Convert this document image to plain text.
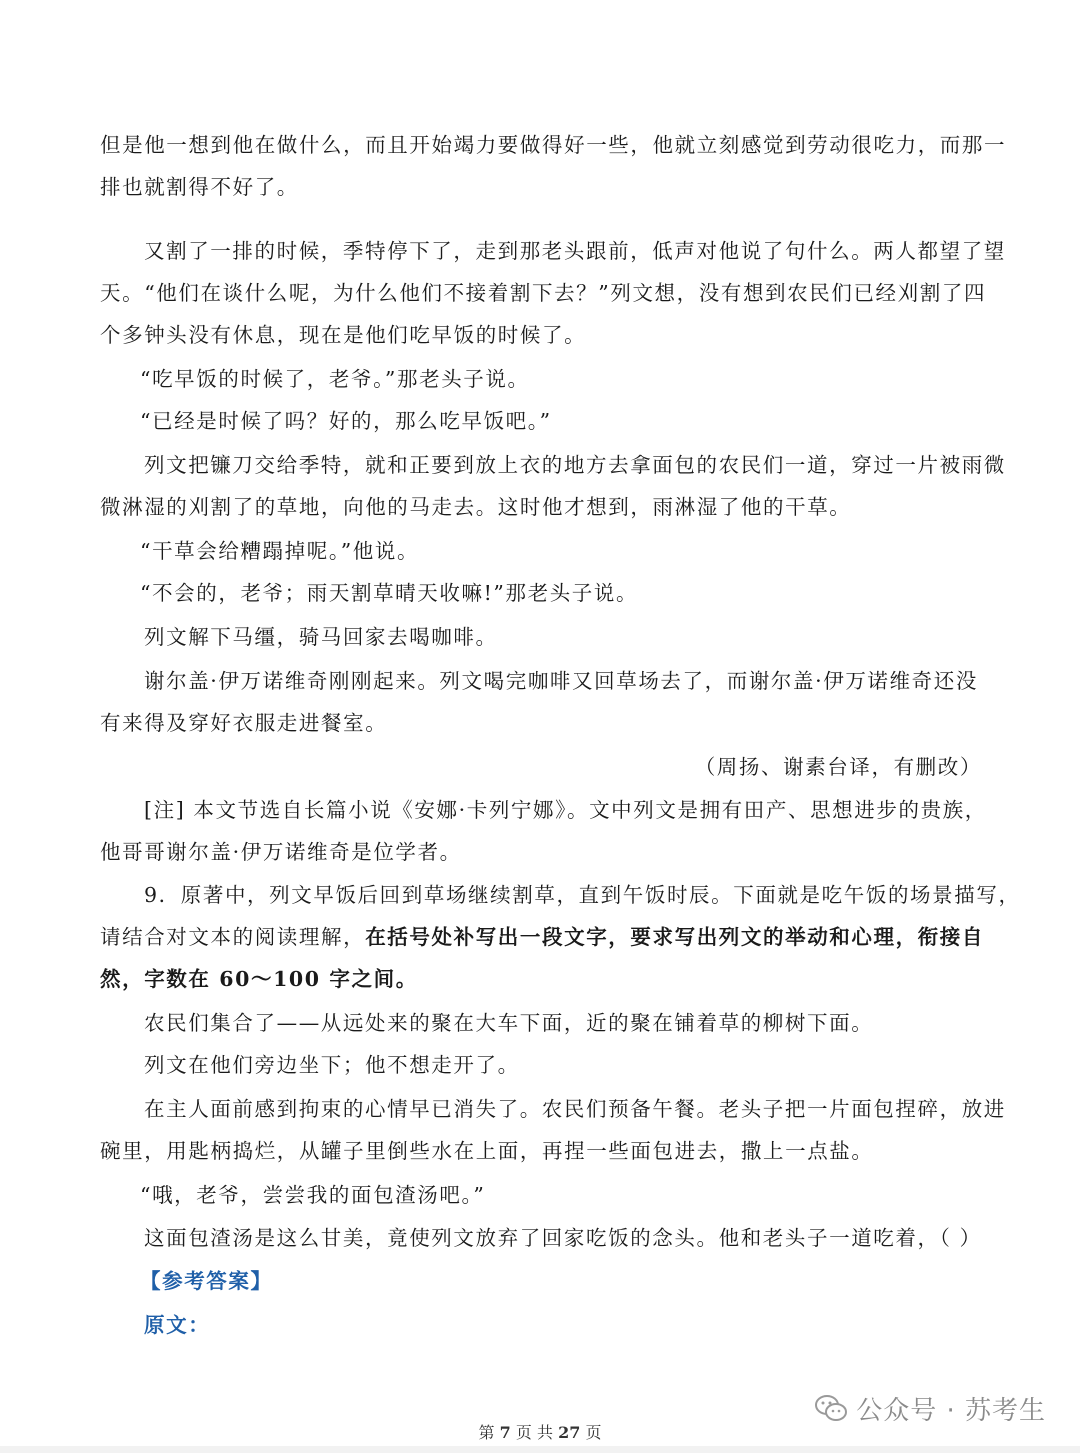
但是他一想到他在做什么，而且开始竭力要做得好一些，他就立刻感觉到劳动很吃力，而那一
排也就割得不好了。
又割了一排的时候，季特停下了，走到那老头跟前，低声对他说了句什么。两人都望了望
天。“他们在谈什么呢，为什么他们不接着割下去？”列文想，没有想到农民们已经刈割了四
个多钟头没有休息，现在是他们吃早饭的时候了。
“吃早饭的时候了，老爷。”那老头子说。
“已经是时候了吗？好的，那么吃早饭吧。”
列文把镰刀交给季特，就和正要到放上衣的地方去拿面包的农民们一道，穿过一片被雨微
微淋湿的刈割了的草地，向他的马走去。这时他才想到，雨淋湿了他的干草。
“干草会给糟蹋掉呢。”他说。
“不会的，老爷；雨天割草晴天收嘛!”那老头子说。
列文解下马缰，骑马回家去喝咖啡。
谢尔盖·伊万诺维奇刚刚起来。列文喝完咖啡又回草场去了，而谢尔盖·伊万诺维奇还没
有来得及穿好衣服走进餐室。
（周扬、谢素台译，有删改）
[注] 本文节选自长篇小说《安娜·卡列宁娜》。文中列文是拥有田产、思想进步的贵族，
他哥哥谢尔盖·伊万诺维奇是位学者。
9．原著中，列文早饭后回到草场继续割草，直到午饭时辰。下面就是吃午饭的场景描写，
请结合对文本的阅读理解，在括号处补写出一段文字，要求写出列文的举动和心理，衔接自
然，字数在 60～100 字之间。
农民们集合了——从远处来的聚在大车下面，近的聚在铺着草的柳树下面。
列文在他们旁边坐下；他不想走开了。
在主人面前感到拘束的心情早已消失了。农民们预备午餐。老头子把一片面包捏碎，放进
碗里，用匙柄捣烂，从罐子里倒些水在上面，再捏一些面包进去，撒上一点盐。
“哦，老爷，尝尝我的面包渣汤吧。”
这面包渣汤是这么甘美，竟使列文放弃了回家吃饭的念头。他和老头子一道吃着，（ ）
【参考答案】
原文：
公众号 · 苏考生
第 7 页 共 27 页
